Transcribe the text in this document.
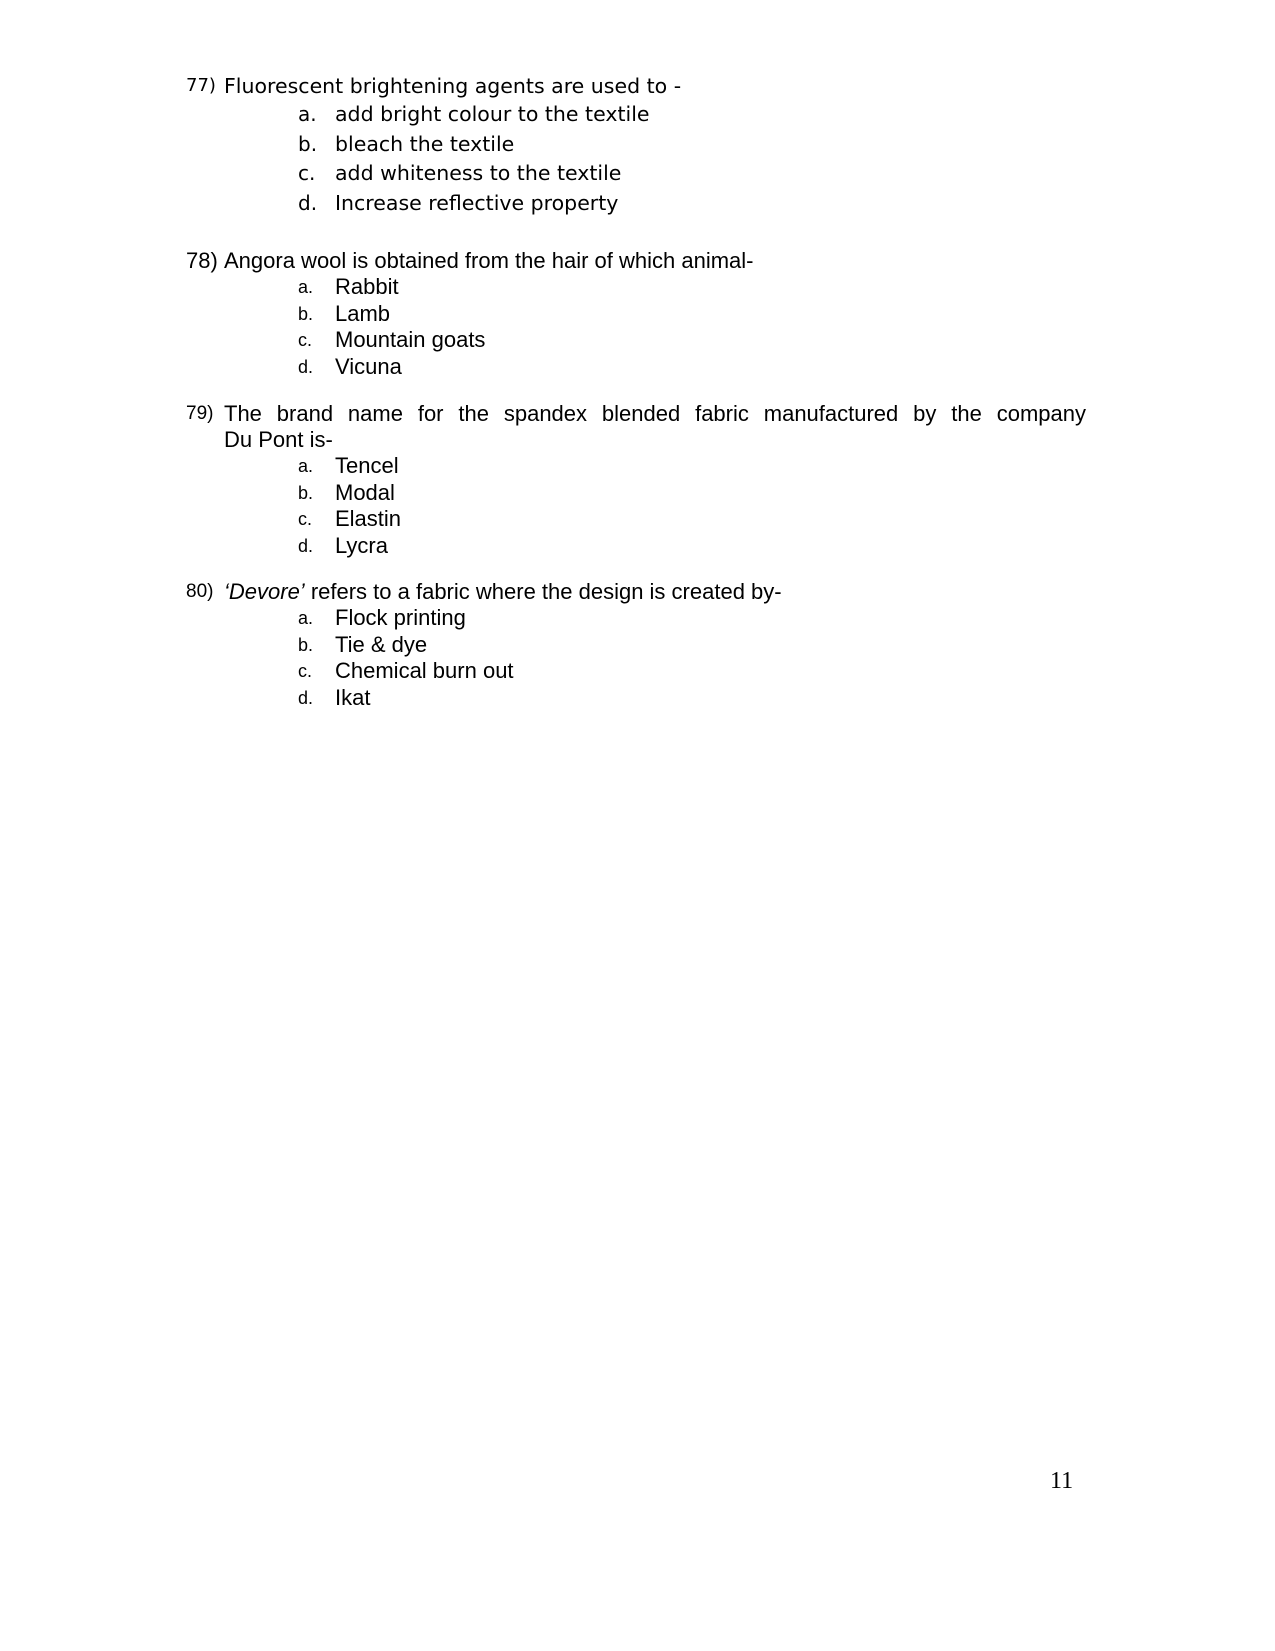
77) Fluorescent brightening agents are used to -
a. add bright colour to the textile
b. bleach the textile
c. add whiteness to the textile
d. Increase reflective property
78) Angora wool is obtained from the hair of which animal-
a. Rabbit
b. Lamb
c.	Mountain goats
d. Vicuna
79) The brand name for the spandex blended fabric manufactured by the company
Du Pont is-
a. Tencel
b. Modal
c.	Elastin
d. Lycra
80) ‘Devore’ refers to a fabric where the design is created by-
a. Flock printing
b. Tie & dye
c.	Chemical burn out
d. Ikat
11
